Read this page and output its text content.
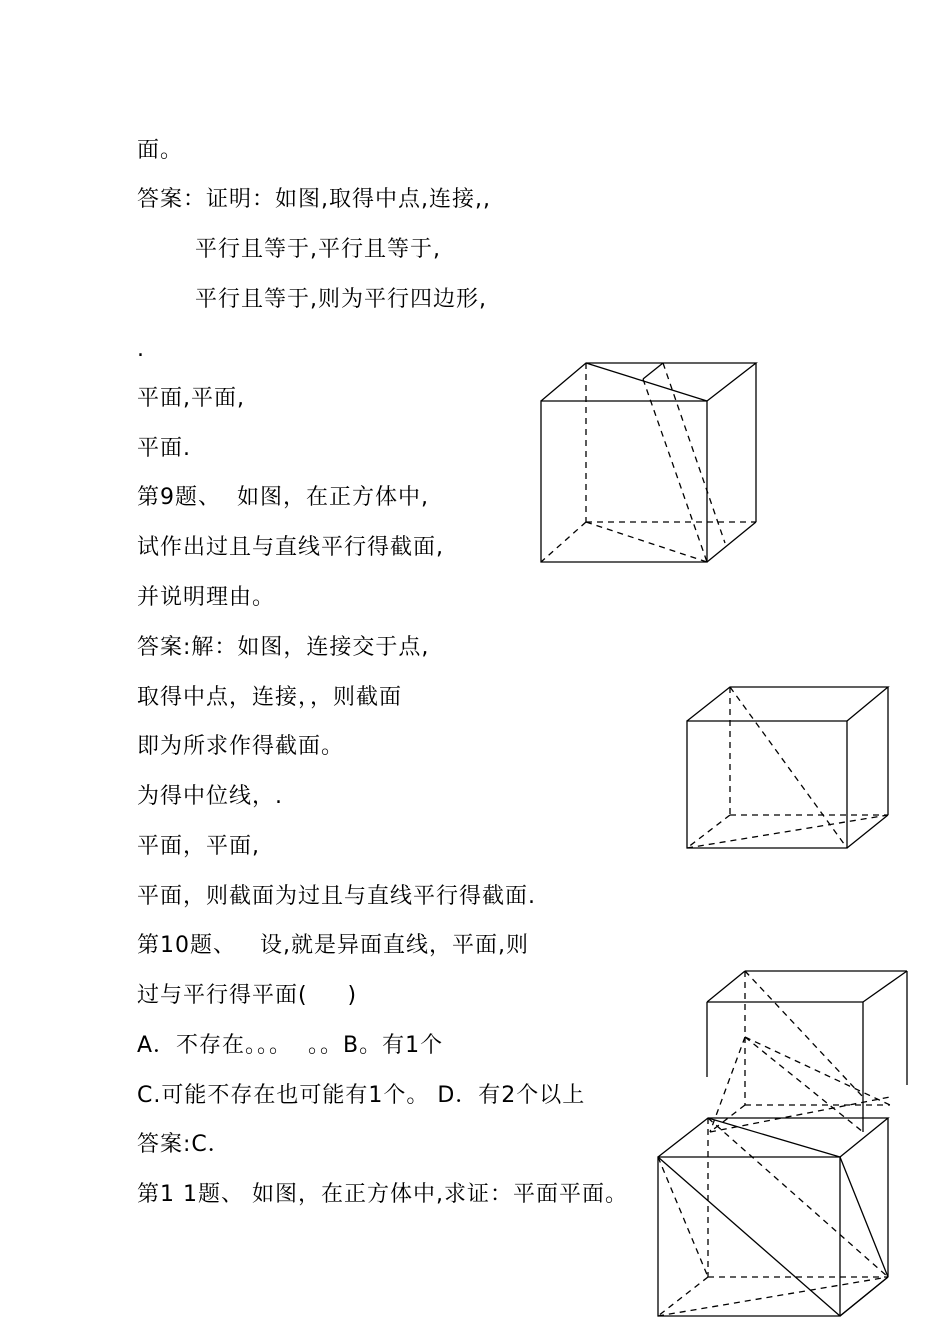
面。
答案：证明：如图,取得中点,连接,,
平行且等于,平行且等于,
平行且等于,则为平行四边形,
.
平面,平面,
平面.
第9题、  如图，在正方体中,
试作出过且与直线平行得截面,
并说明理由。
答案:解：如图，连接交于点,
取得中点，连接，，则截面
即为所求作得截面。
为得中位线，.
平面，平面,
平面，则截面为过且与直线平行得截面.
第10题、   设,就是异面直线，平面,则
过与平行得平面(     )
A．不存在。。。  。。B。有1个
C.可能不存在也可能有1个。 D．有2个以上
答案:C．
第1 1题、 如图，在正方体中,求证：平面平面。
